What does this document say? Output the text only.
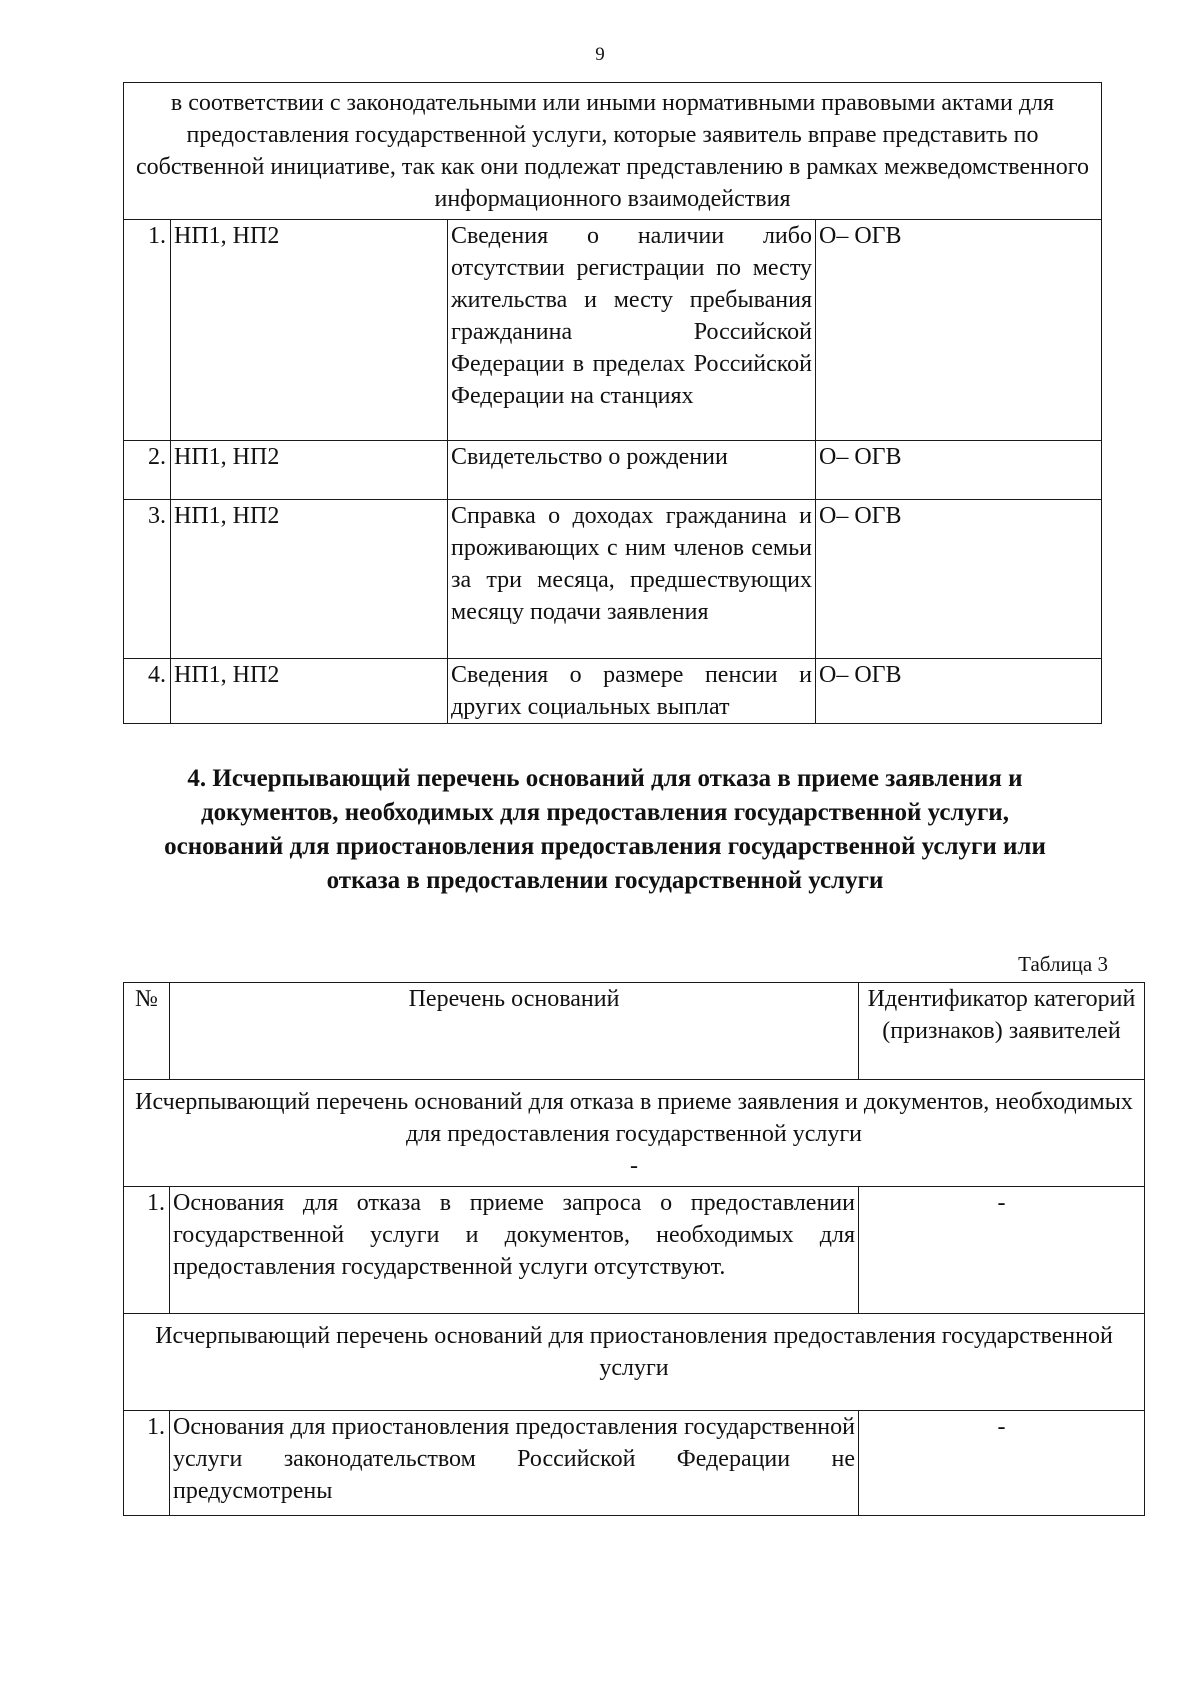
9
в соответствии с законодательными или иными нормативными правовыми актами для предоставления государственной услуги, которые заявитель вправе представить по собственной инициативе, так как они подлежат представлению в рамках межведомственного информационного взаимодействия			
1.	НП1, НП2	Сведения о наличии либо отсутствии регистрации по месту жительства и месту пребывания гражданина Российской Федерации в пределах Российской Федерации на станциях	О– ОГВ
2.	НП1, НП2	Свидетельство о рождении	О– ОГВ
3.	НП1, НП2	Справка о доходах гражданина и проживающих с ним членов семьи за три месяца, предшествующих месяцу подачи заявления	О– ОГВ
4.	НП1, НП2	Сведения о размере пенсии и других социальных выплат	О– ОГВ
4. Исчерпывающий перечень оснований для отказа в приеме заявления и документов, необходимых для предоставления государственной услуги, оснований для приостановления предоставления государственной услуги или отказа в предоставлении государственной услуги
Таблица 3
№	Перечень оснований	Идентификатор категорий (признаков) заявителей

Исчерпывающий перечень оснований для отказа в приеме заявления и документов, необходимых для предоставления государственной услуги
-		

1.	Основания для отказа в приеме запроса о предоставлении государственной услуги и документов, необходимых для предоставления государственной услуги отсутствуют.	-
Исчерпывающий перечень оснований для приостановления предоставления государственной услуги		
1.	Основания для приостановления предоставления государственной услуги законодательством Российской Федерации не предусмотрены	-
